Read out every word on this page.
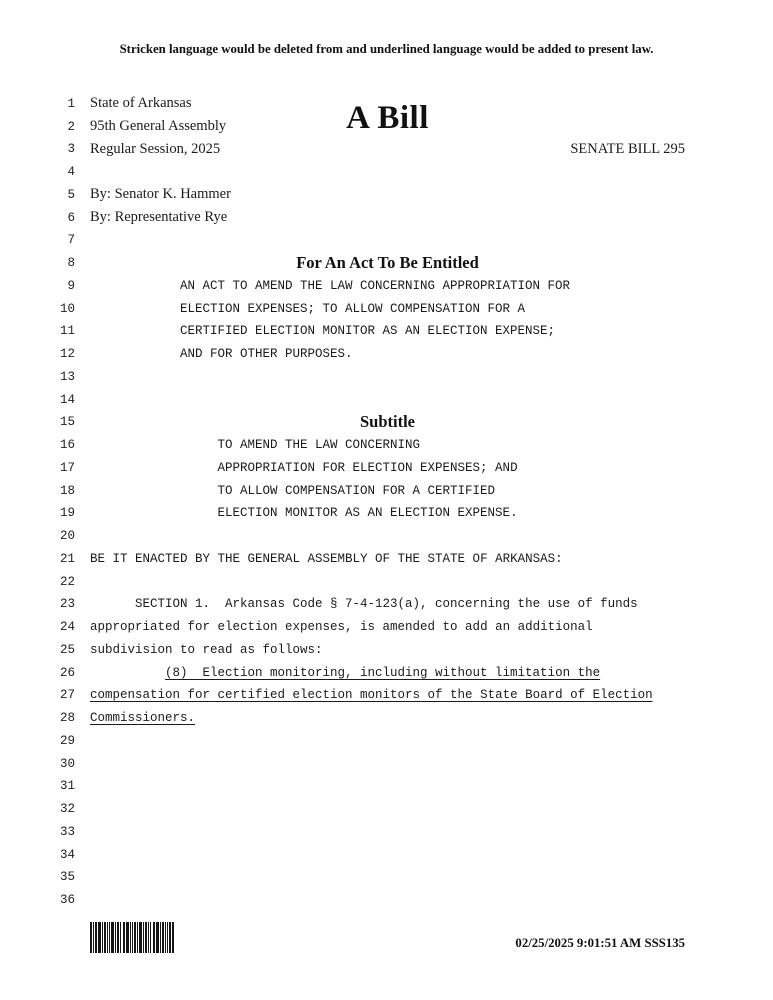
Stricken language would be deleted from and underlined language would be added to present law.
A Bill
1 State of Arkansas
2 95th General Assembly
3 Regular Session, 2025	SENATE BILL 295
4
5 By: Senator K. Hammer
6 By: Representative Rye
7
8	For An Act To Be Entitled
9	AN ACT TO AMEND THE LAW CONCERNING APPROPRIATION FOR
10	ELECTION EXPENSES; TO ALLOW COMPENSATION FOR A
11	CERTIFIED ELECTION MONITOR AS AN ELECTION EXPENSE;
12	AND FOR OTHER PURPOSES.
13
14
15	Subtitle
16	TO AMEND THE LAW CONCERNING
17	APPROPRIATION FOR ELECTION EXPENSES; AND
18	TO ALLOW COMPENSATION FOR A CERTIFIED
19	ELECTION MONITOR AS AN ELECTION EXPENSE.
20
21 BE IT ENACTED BY THE GENERAL ASSEMBLY OF THE STATE OF ARKANSAS:
22
23	SECTION 1.  Arkansas Code § 7-4-123(a), concerning the use of funds
24 appropriated for election expenses, is amended to add an additional
25 subdivision to read as follows:
26	(8)  Election monitoring, including without limitation the
27 compensation for certified election monitors of the State Board of Election
28 Commissioners.
29
30
31
32
33
34
35
36
02/25/2025 9:01:51 AM SSS135
